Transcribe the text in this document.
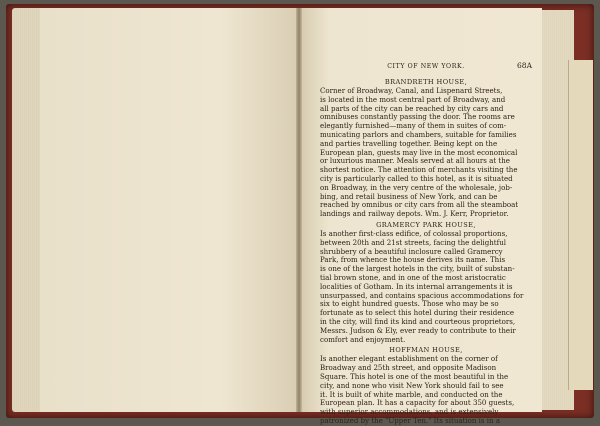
CITY OF NEW YORK.	68A
BRANDRETH HOUSE,
Corner of Broadway, Canal, and Lispenard Streets,
is located in the most central part of Broadway, and
all parts of the city can be reached by city cars and
omnibuses constantly passing the door. The rooms are
elegantly furnished—many of them in suites of com-
municating parlors and chambers, suitable for families
and parties travelling together. Being kept on the
European plan, guests may live in the most economical
or luxurious manner. Meals served at all hours at the
shortest notice. The attention of merchants visiting the
city is particularly called to this hotel, as it is situated
on Broadway, in the very centre of the wholesale, job-
bing, and retail business of New York, and can be
reached by omnibus or city cars from all the steamboat
landings and railway depots. Wm. J. Kerr, Proprietor.
GRAMERCY PARK HOUSE,
Is another first-class edifice, of colossal proportions,
between 20th and 21st streets, facing the delightful
shrubbery of a beautiful inclosure called Gramercy
Park, from whence the house derives its name. This
is one of the largest hotels in the city, built of substan-
tial brown stone, and in one of the most aristocratic
localities of Gotham. In its internal arrangements it is
unsurpassed, and contains spacious accommodations for
six to eight hundred guests. Those who may be so
fortunate as to select this hotel during their residence
in the city, will find its kind and courteous proprietors,
Messrs. Judson & Ely, ever ready to contribute to their
comfort and enjoyment.
HOFFMAN HOUSE,
Is another elegant establishment on the corner of
Broadway and 25th street, and opposite Madison
Square. This hotel is one of the most beautiful in the
city, and none who visit New York should fail to see
it. It is built of white marble, and conducted on the
European plan. It has a capacity for about 350 guests,
with superior accommodations, and is extensively
patronized by the "Upper Ten." Its situation is in a
